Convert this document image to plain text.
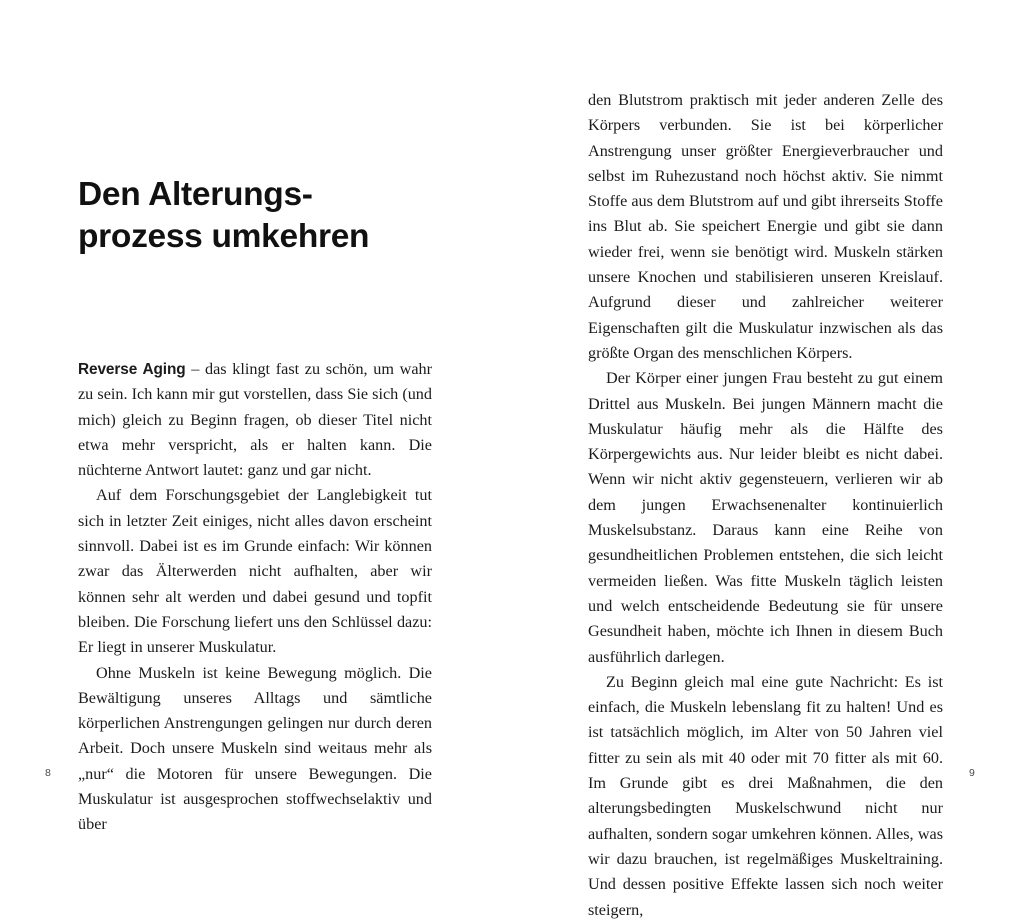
Den Alterungs-
prozess umkehren

Reverse Aging – das klingt fast zu schön, um wahr zu sein. Ich kann mir gut vorstellen, dass Sie sich (und mich) gleich zu Beginn fragen, ob dieser Titel nicht etwa mehr verspricht, als er halten kann. Die nüchterne Antwort lautet: ganz und gar nicht.

Auf dem Forschungsgebiet der Langlebigkeit tut sich in letzter Zeit einiges, nicht alles davon erscheint sinnvoll. Dabei ist es im Grunde einfach: Wir können zwar das Älterwerden nicht aufhalten, aber wir können sehr alt werden und dabei gesund und topfit bleiben. Die Forschung liefert uns den Schlüssel dazu: Er liegt in unserer Muskulatur.

Ohne Muskeln ist keine Bewegung möglich. Die Bewältigung unseres Alltags und sämtliche körperlichen Anstrengungen gelingen nur durch deren Arbeit. Doch unsere Muskeln sind weitaus mehr als „nur“ die Motoren für unsere Bewegungen. Die Muskulatur ist ausgesprochen stoffwechselaktiv und über

8

den Blutstrom praktisch mit jeder anderen Zelle des Körpers verbunden. Sie ist bei körperlicher Anstrengung unser größter Energieverbraucher und selbst im Ruhezustand noch höchst aktiv. Sie nimmt Stoffe aus dem Blutstrom auf und gibt ihrerseits Stoffe ins Blut ab. Sie speichert Energie und gibt sie dann wieder frei, wenn sie benötigt wird. Muskeln stärken unsere Knochen und stabilisieren unseren Kreislauf. Aufgrund dieser und zahlreicher weiterer Eigenschaften gilt die Muskulatur inzwischen als das größte Organ des menschlichen Körpers.

Der Körper einer jungen Frau besteht zu gut einem Drittel aus Muskeln. Bei jungen Männern macht die Muskulatur häufig mehr als die Hälfte des Körpergewichts aus. Nur leider bleibt es nicht dabei. Wenn wir nicht aktiv gegensteuern, verlieren wir ab dem jungen Erwachsenenalter kontinuierlich Muskelsubstanz. Daraus kann eine Reihe von gesundheitlichen Problemen entstehen, die sich leicht vermeiden ließen. Was fitte Muskeln täglich leisten und welch entscheidende Bedeutung sie für unsere Gesundheit haben, möchte ich Ihnen in diesem Buch ausführlich darlegen.

Zu Beginn gleich mal eine gute Nachricht: Es ist einfach, die Muskeln lebenslang fit zu halten! Und es ist tatsächlich möglich, im Alter von 50 Jahren viel fitter zu sein als mit 40 oder mit 70 fitter als mit 60. Im Grunde gibt es drei Maßnahmen, die den alterungsbedingten Muskelschwund nicht nur aufhalten, sondern sogar umkehren können. Alles, was wir dazu brauchen, ist regelmäßiges Muskeltraining. Und dessen positive Effekte lassen sich noch weiter steigern,

9
